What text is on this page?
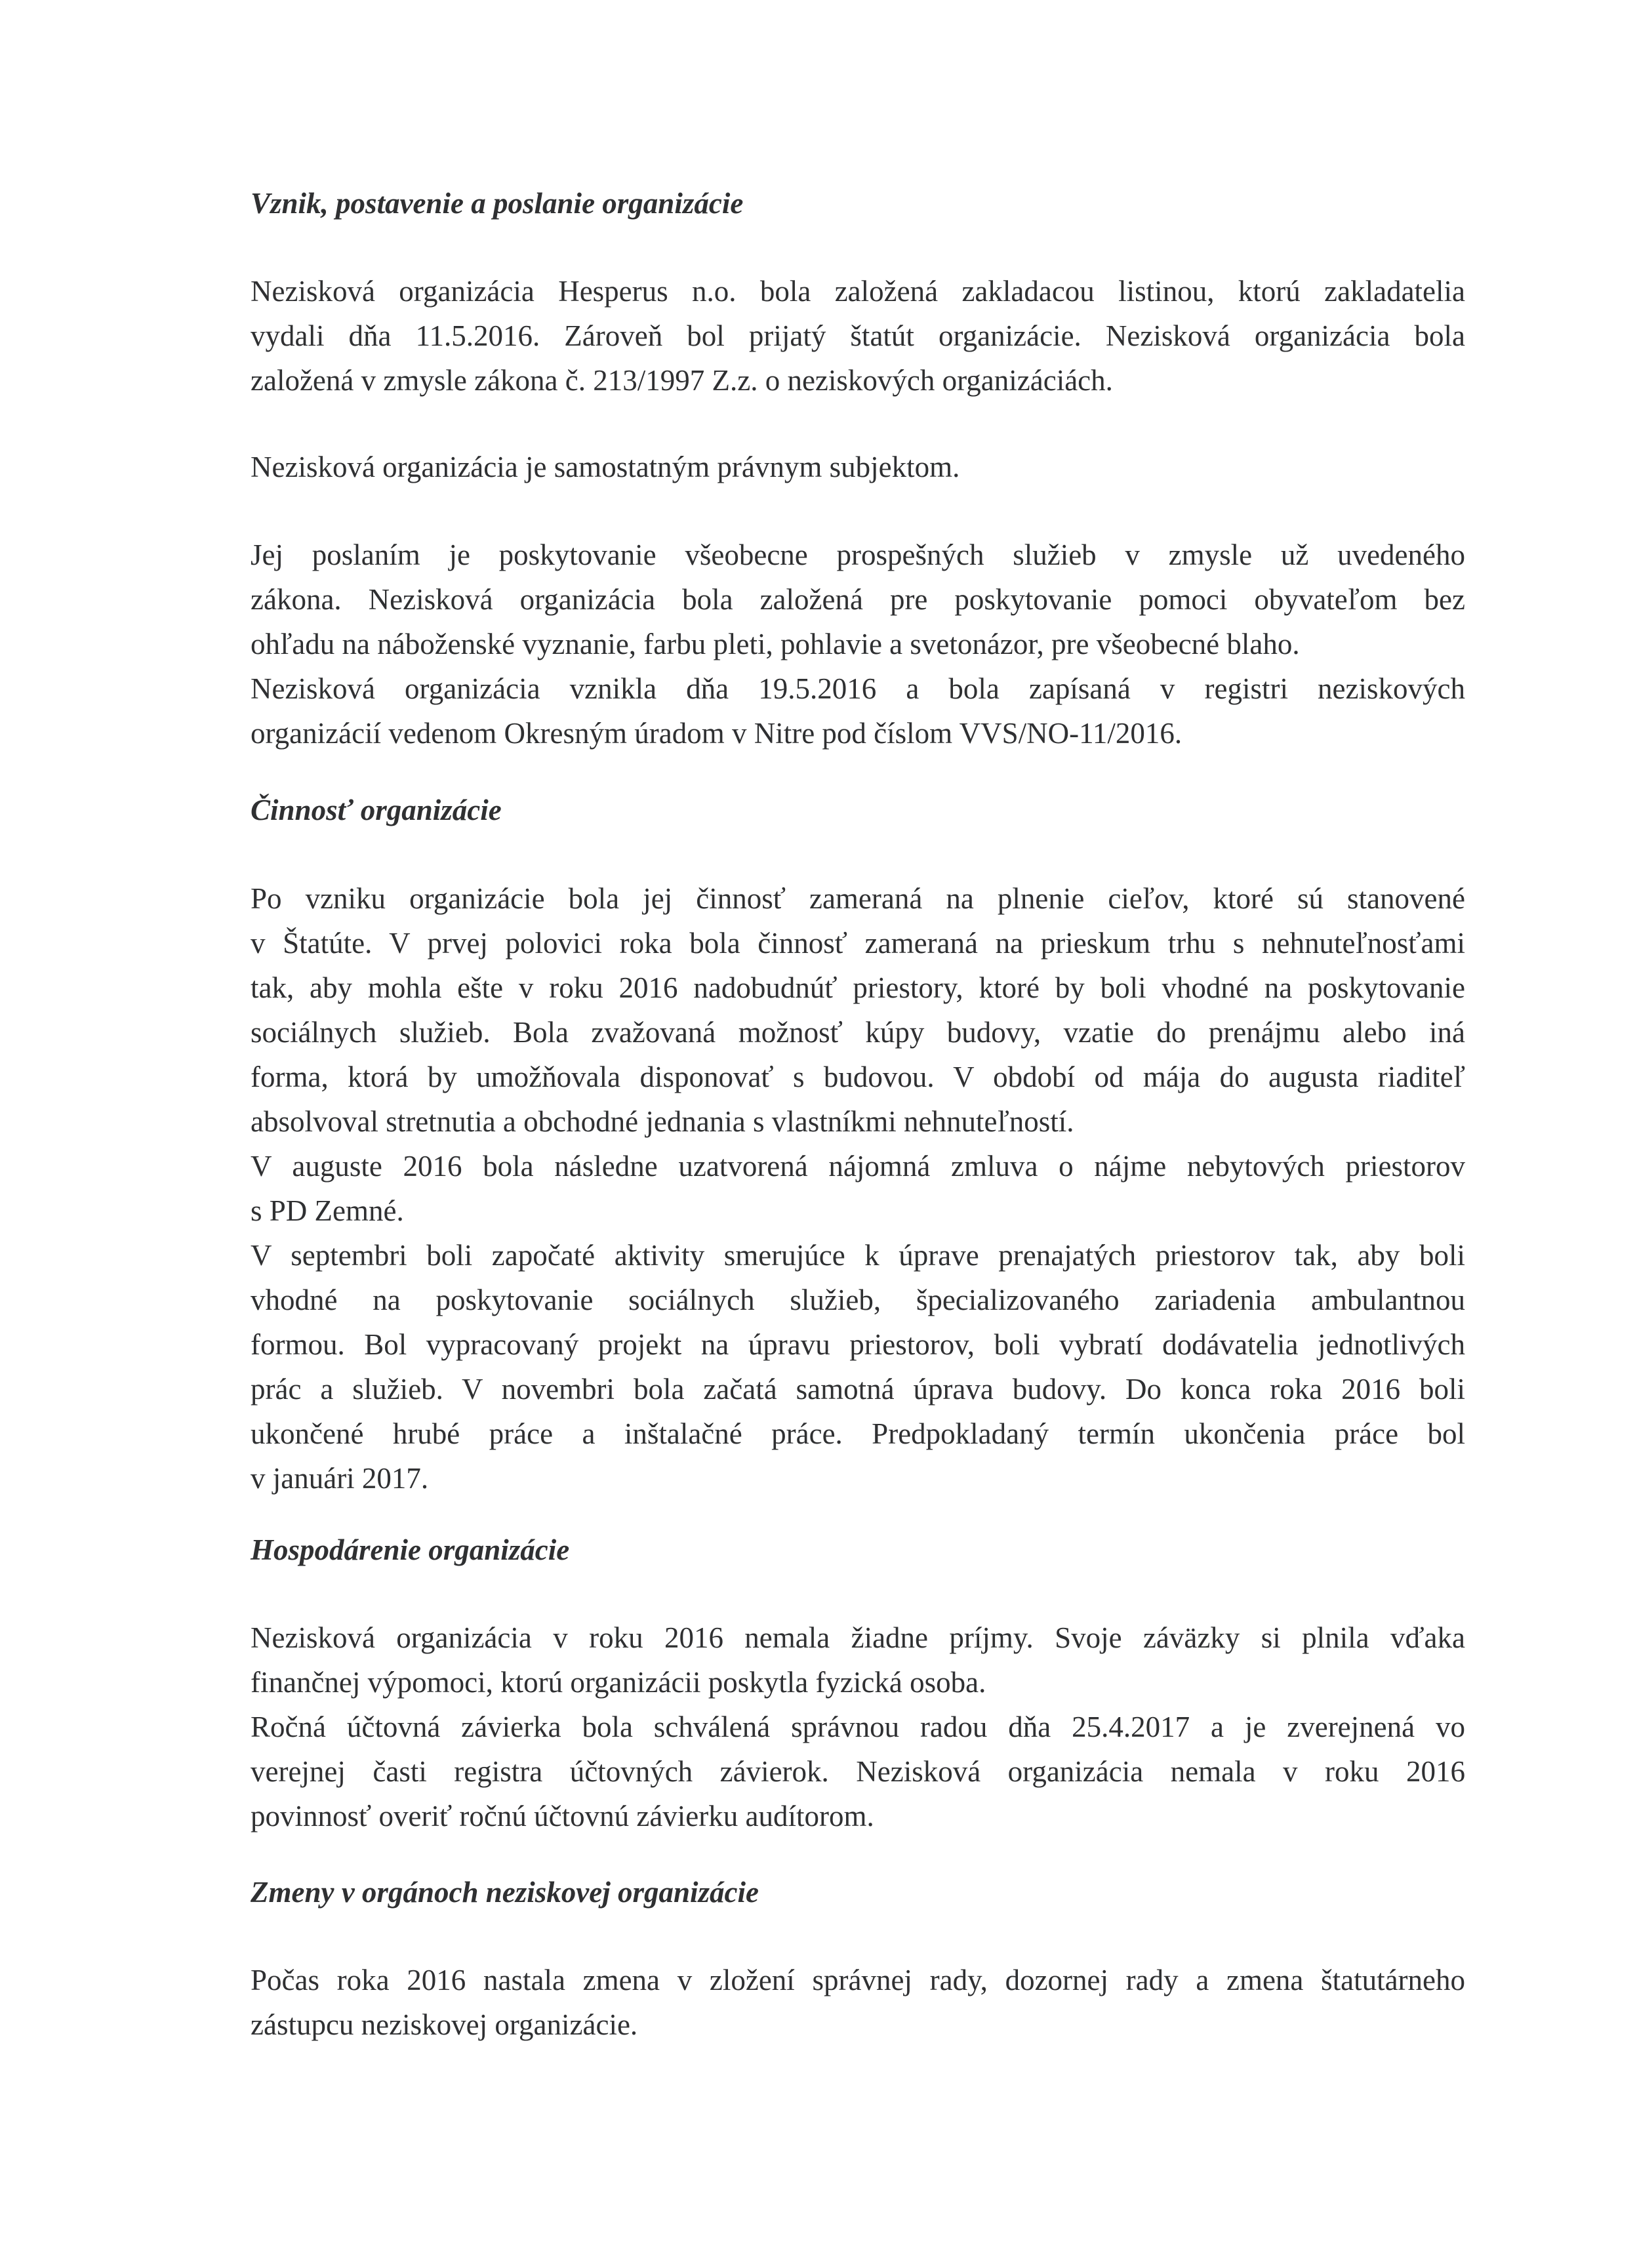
Vznik, postavenie a poslanie organizácie
Nezisková organizácia Hesperus n.o. bola založená zakladacou listinou, ktorú zakladatelia
vydali dňa 11.5.2016. Zároveň bol prijatý štatút organizácie. Nezisková organizácia bola
založená v zmysle zákona č. 213/1997 Z.z. o neziskových organizáciách.
Nezisková organizácia je samostatným právnym subjektom.
Jej poslaním je poskytovanie všeobecne prospešných služieb v zmysle už uvedeného
zákona. Nezisková organizácia bola založená pre poskytovanie pomoci obyvateľom bez
ohľadu na náboženské vyznanie, farbu pleti, pohlavie a svetonázor, pre všeobecné blaho.
Nezisková organizácia vznikla dňa 19.5.2016 a bola zapísaná v registri neziskových
organizácií vedenom Okresným úradom v Nitre pod číslom VVS/NO-11/2016.
Činnosť organizácie
Po vzniku organizácie bola jej činnosť zameraná na plnenie cieľov, ktoré sú stanovené
v Štatúte. V prvej polovici roka bola činnosť zameraná na prieskum trhu s nehnuteľnosťami
tak, aby mohla ešte v roku 2016 nadobudnúť priestory, ktoré by boli vhodné na poskytovanie
sociálnych služieb. Bola zvažovaná možnosť kúpy budovy, vzatie do prenájmu alebo iná
forma, ktorá by umožňovala disponovať s budovou. V období od mája do augusta riaditeľ
absolvoval stretnutia a obchodné jednania s vlastníkmi nehnuteľností.
V auguste 2016 bola následne uzatvorená nájomná zmluva o nájme nebytových priestorov
s PD Zemné.
V septembri boli započaté aktivity smerujúce k úprave prenajatých priestorov tak, aby boli
vhodné na poskytovanie sociálnych služieb, špecializovaného zariadenia ambulantnou
formou. Bol vypracovaný projekt na úpravu priestorov, boli vybratí dodávatelia jednotlivých
prác a služieb. V novembri bola začatá samotná úprava budovy. Do konca roka 2016 boli
ukončené hrubé práce a inštalačné práce. Predpokladaný termín ukončenia práce bol
v januári 2017.
Hospodárenie organizácie
Nezisková organizácia v roku 2016 nemala žiadne príjmy. Svoje záväzky si plnila vďaka
finančnej výpomoci, ktorú organizácii poskytla fyzická osoba.
Ročná účtovná závierka bola schválená správnou radou dňa 25.4.2017 a je zverejnená vo
verejnej časti registra účtovných závierok. Nezisková organizácia nemala v roku 2016
povinnosť overiť ročnú účtovnú závierku audítorom.
Zmeny v orgánoch neziskovej organizácie
Počas roka 2016 nastala zmena v zložení správnej rady, dozornej rady a zmena štatutárneho
zástupcu neziskovej organizácie.
